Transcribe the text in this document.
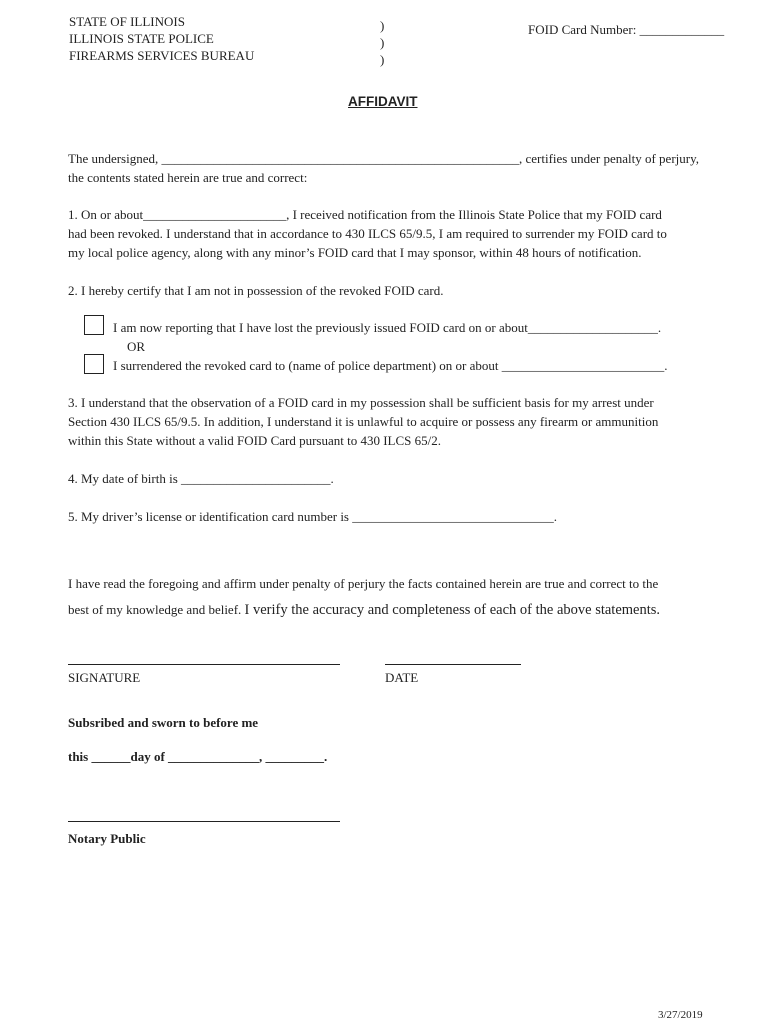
STATE OF ILLINOIS
ILLINOIS STATE POLICE
FIREARMS SERVICES BUREAU
)
)
)
FOID Card Number: _____________
AFFIDAVIT
The undersigned, _______________________________________________________, certifies under penalty of perjury,
the contents stated herein are true and correct:
1. On or about______________________, I received notification from the Illinois State Police that my FOID card
had been revoked. I understand that in accordance to 430 ILCS 65/9.5, I am required to surrender my FOID card to
my local police agency, along with any minor’s FOID card that I may sponsor, within 48 hours of notification.
2. I hereby certify that I am not in possession of the revoked FOID card.
I am now reporting that I have lost the previously issued FOID card on or about____________________.
OR
I surrendered the revoked card to (name of police department) on or about _________________________.
3. I understand that the observation of a FOID card in my possession shall be sufficient basis for my arrest under
Section 430 ILCS 65/9.5. In addition, I understand it is unlawful to acquire or possess any firearm or ammunition
within this State without a valid FOID Card pursuant to 430 ILCS 65/2.
4. My date of birth is _______________________.
5. My driver’s license or identification card number is _______________________________.
I have read the foregoing and affirm under penalty of perjury the facts contained herein are true and correct to the
best of my knowledge and belief. I verify the accuracy and completeness of each of the above statements.
SIGNATURE	DATE
Subsribed and sworn to before me
this ______day of ______________, _________.
Notary Public
3/27/2019
